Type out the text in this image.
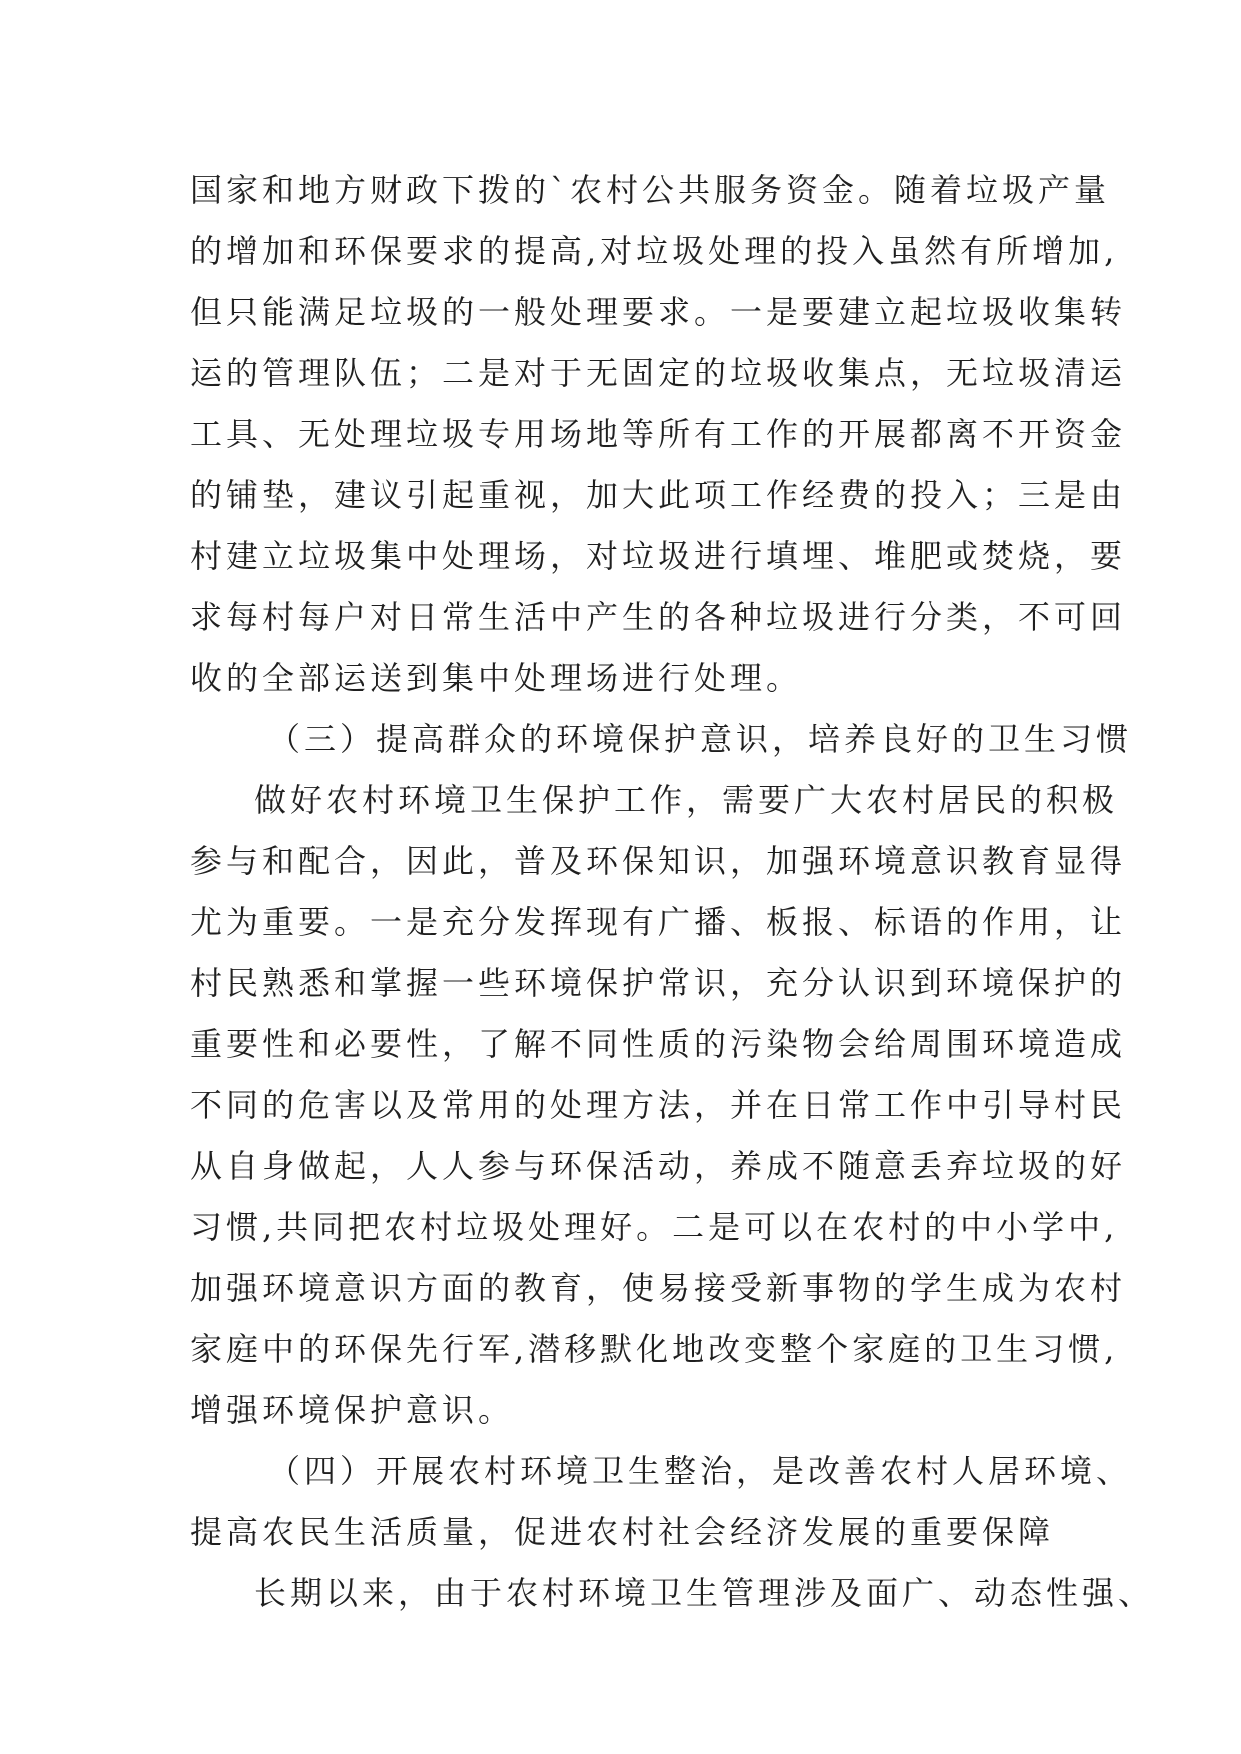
国家和地方财政下拨的`农村公共服务资金。随着垃圾产量
的增加和环保要求的提高,对垃圾处理的投入虽然有所增加,
但只能满足垃圾的一般处理要求。一是要建立起垃圾收集转
运的管理队伍；二是对于无固定的垃圾收集点，无垃圾清运
工具、无处理垃圾专用场地等所有工作的开展都离不开资金
的铺垫，建议引起重视，加大此项工作经费的投入；三是由
村建立垃圾集中处理场，对垃圾进行填埋、堆肥或焚烧，要
求每村每户对日常生活中产生的各种垃圾进行分类，不可回
收的全部运送到集中处理场进行处理。
（三）提高群众的环境保护意识，培养良好的卫生习惯
做好农村环境卫生保护工作，需要广大农村居民的积极
参与和配合，因此，普及环保知识，加强环境意识教育显得
尤为重要。一是充分发挥现有广播、板报、标语的作用，让
村民熟悉和掌握一些环境保护常识，充分认识到环境保护的
重要性和必要性，了解不同性质的污染物会给周围环境造成
不同的危害以及常用的处理方法，并在日常工作中引导村民
从自身做起，人人参与环保活动，养成不随意丢弃垃圾的好
习惯,共同把农村垃圾处理好。二是可以在农村的中小学中,
加强环境意识方面的教育，使易接受新事物的学生成为农村
家庭中的环保先行军,潜移默化地改变整个家庭的卫生习惯,
增强环境保护意识。
（四）开展农村环境卫生整治，是改善农村人居环境、
提高农民生活质量，促进农村社会经济发展的重要保障
长期以来，由于农村环境卫生管理涉及面广、动态性强、
